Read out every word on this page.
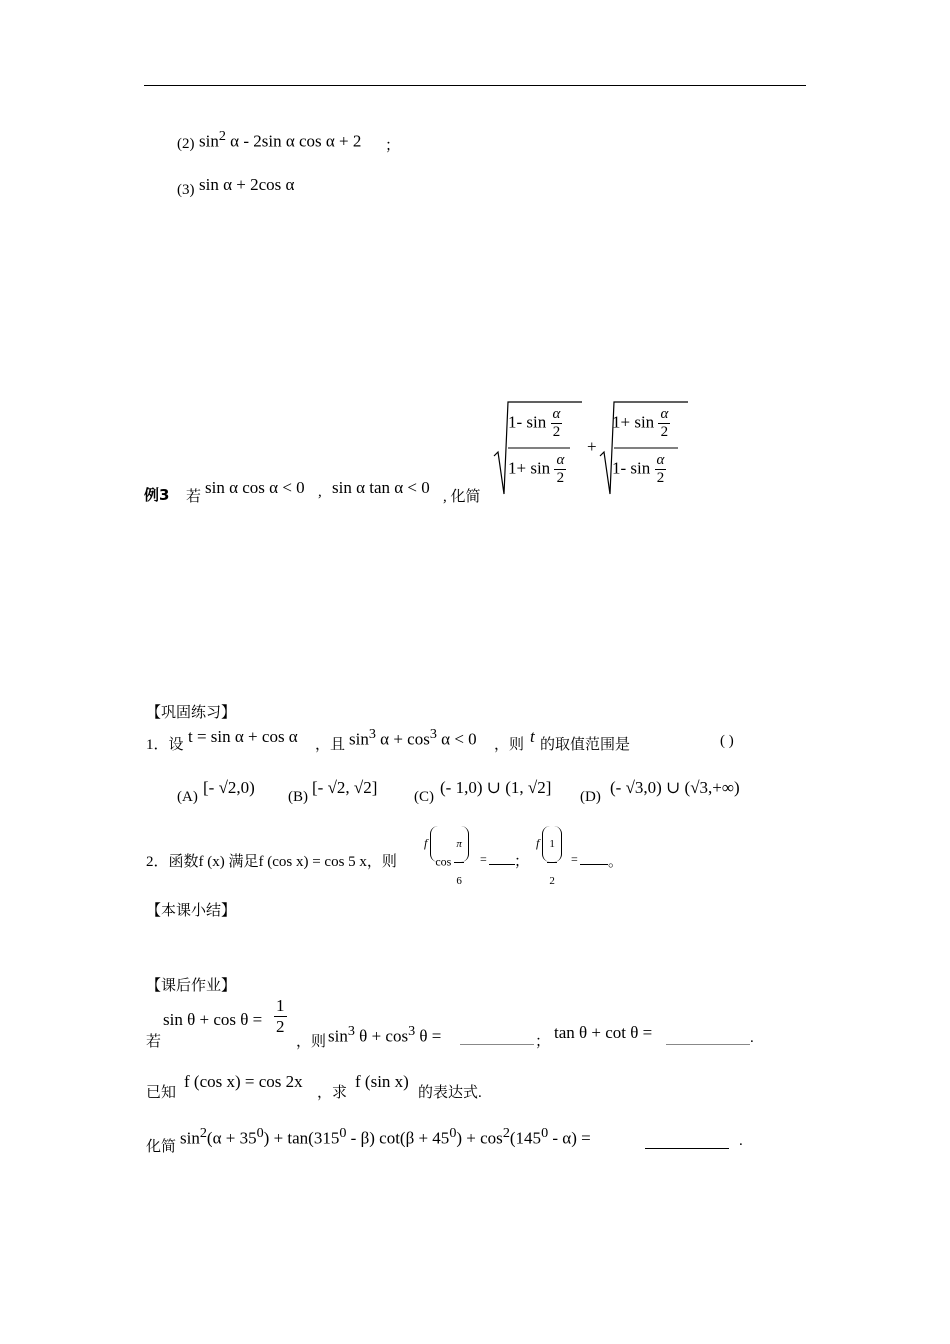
(2) $\sin^2 \alpha - 2\sin$ α cos α + 2 ；
(3) sin α + 2cos α
例3 若 sin α cos α < 0 , sin α tan α < 0 , 化简
1- $\sin \frac{\alpha}{2}$
$1+ \sin \frac{\alpha}{2}$
+
$1+ \sin \frac{\alpha}{2}$
1- $\sin \frac{\alpha}{2}$
【巩固练习】
1．设 t = sin α + cos α ，且 $\sin^3 \alpha + \cos^3 \alpha < 0$ ，则 t 的取值范围是	( )
(A) [- √2,0) (B) [- √2, √2] (C) (- 1,0) ∪ (1, √2] (D) (- √3,0) ∪ (√3,+∞)
2．函数f (x) 满足f (cos x) = cos 5 x，则
f $\cos \frac{\pi}{6}$ = ；
f $\frac{1}{2}$ = 。
【本课小结】
【课后作业】
若
$\sin \theta + \cos \theta = \frac{1}{2}$
，则 $\sin^3 \theta + \cos^3 \theta$ =	； tan θ + cot θ =	.
已知
f (cos x) = cos 2x
，求
f (sin x)
的表达式.
化简 $\sin^2(\alpha + 35^0) + \tan(315^0 - \beta) \cot(\beta + 45^0) + \cos^2(145^0 - \alpha)$ =	.
